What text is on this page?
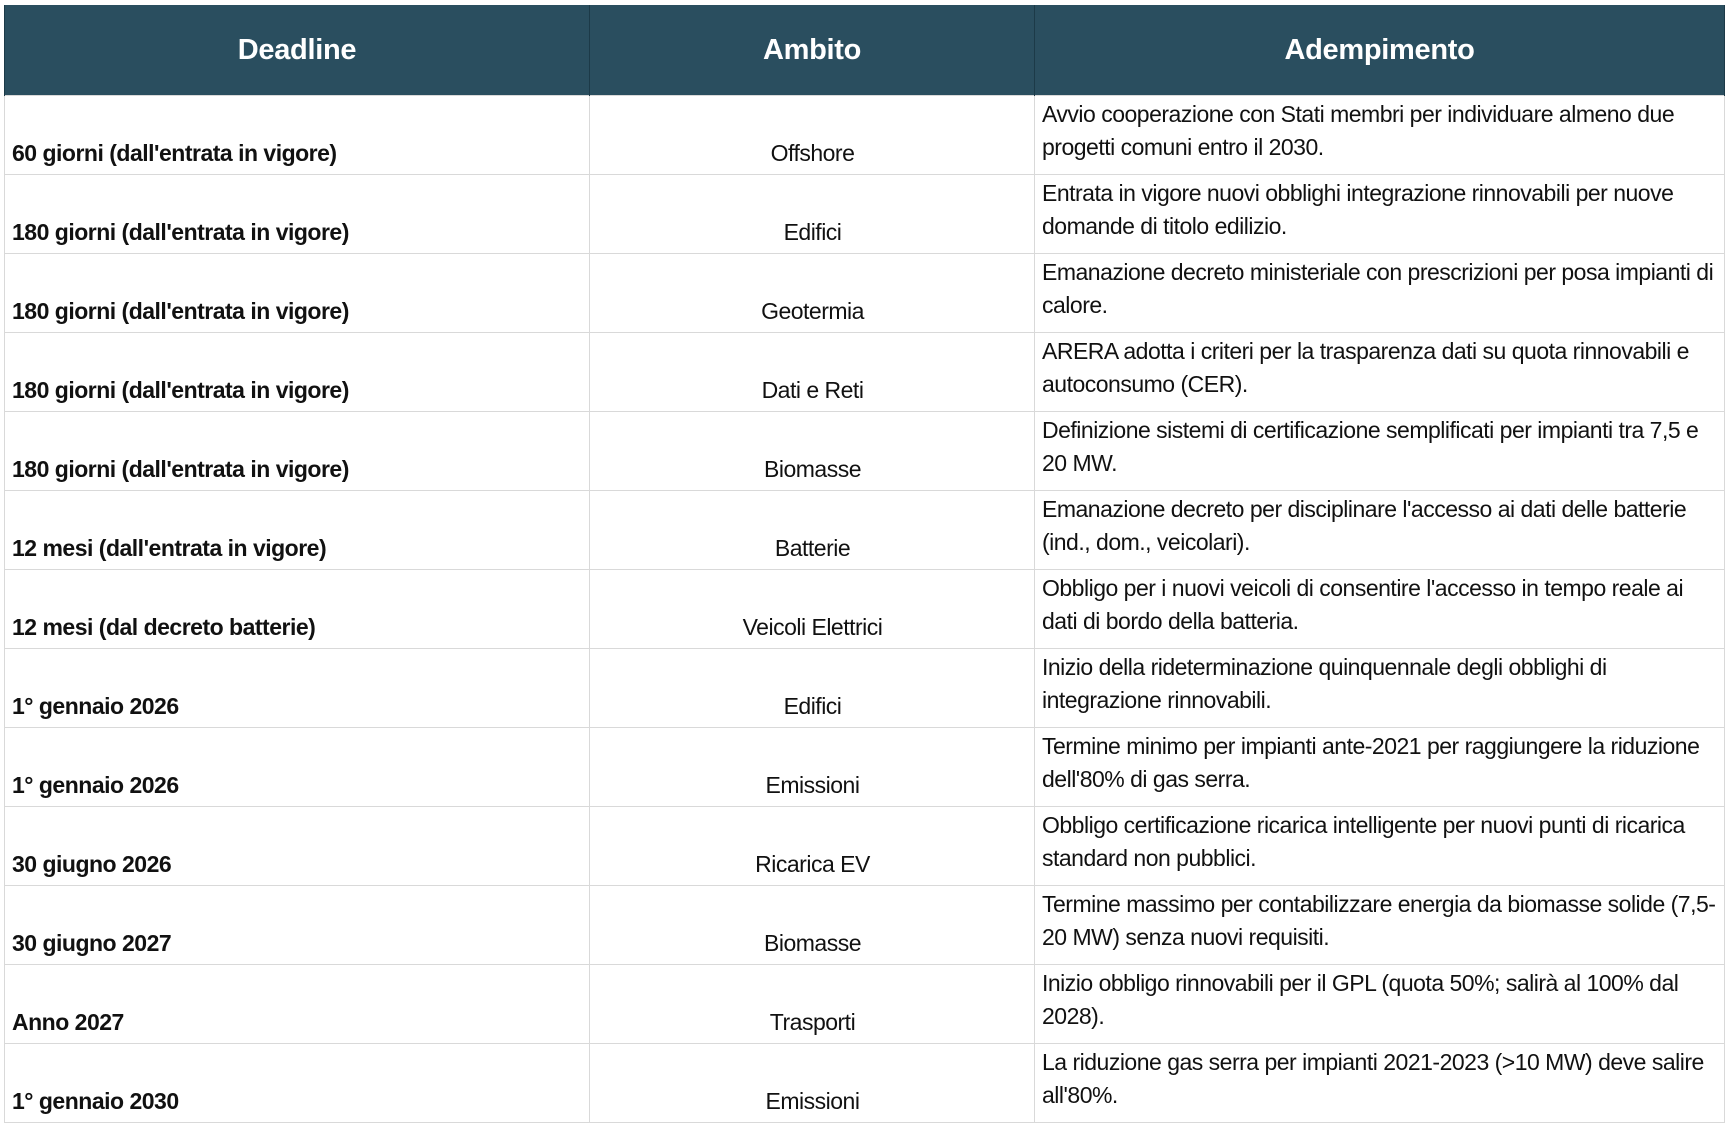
Deadline	Ambito	Adempimento
60 giorni (dall'entrata in vigore)	Offshore	Avvio cooperazione con Stati membri per individuare almeno due progetti comuni entro il 2030.
180 giorni (dall'entrata in vigore)	Edifici	Entrata in vigore nuovi obblighi integrazione rinnovabili per nuove domande di titolo edilizio.
180 giorni (dall'entrata in vigore)	Geotermia	Emanazione decreto ministeriale con prescrizioni per posa impianti di calore.
180 giorni (dall'entrata in vigore)	Dati e Reti	ARERA adotta i criteri per la trasparenza dati su quota rinnovabili e autoconsumo (CER).
180 giorni (dall'entrata in vigore)	Biomasse	Definizione sistemi di certificazione semplificati per impianti tra 7,5 e 20 MW.
12 mesi (dall'entrata in vigore)	Batterie	Emanazione decreto per disciplinare l'accesso ai dati delle batterie (ind., dom., veicolari).
12 mesi (dal decreto batterie)	Veicoli Elettrici	Obbligo per i nuovi veicoli di consentire l'accesso in tempo reale ai dati di bordo della batteria.
1° gennaio 2026	Edifici	Inizio della rideterminazione quinquennale degli obblighi di integrazione rinnovabili.
1° gennaio 2026	Emissioni	Termine minimo per impianti ante-2021 per raggiungere la riduzione dell'80% di gas serra.
30 giugno 2026	Ricarica EV	Obbligo certificazione ricarica intelligente per nuovi punti di ricarica standard non pubblici.
30 giugno 2027	Biomasse	Termine massimo per contabilizzare energia da biomasse solide (7,5-20 MW) senza nuovi requisiti.
Anno 2027	Trasporti	Inizio obbligo rinnovabili per il GPL (quota 50%; salirà al 100% dal 2028).
1° gennaio 2030	Emissioni	La riduzione gas serra per impianti 2021-2023 (>10 MW) deve salire all'80%.
